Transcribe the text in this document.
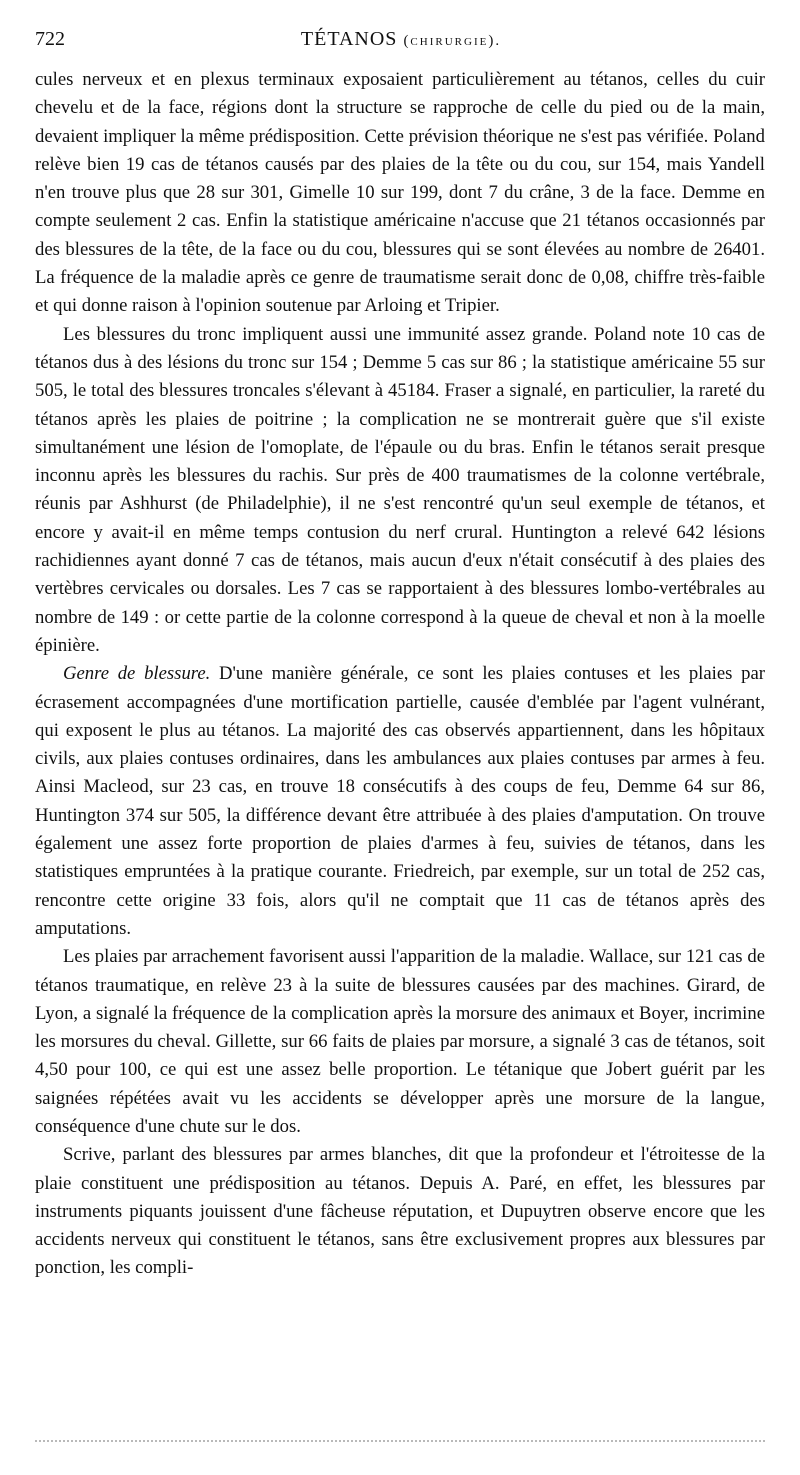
722	TÉTANOS (chirurgie).

cules nerveux et en plexus terminaux exposaient particulièrement au tétanos, celles du cuir chevelu et de la face, régions dont la structure se rapproche de celle du pied ou de la main, devaient impliquer la même prédisposition. Cette prévision théorique ne s'est pas vérifiée. Poland relève bien 19 cas de tétanos causés par des plaies de la tête ou du cou, sur 154, mais Yandell n'en trouve plus que 28 sur 301, Gimelle 10 sur 199, dont 7 du crâne, 3 de la face. Demme en compte seulement 2 cas. Enfin la statistique américaine n'accuse que 21 tétanos occasionnés par des blessures de la tête, de la face ou du cou, blessures qui se sont élevées au nombre de 26401. La fréquence de la maladie après ce genre de traumatisme serait donc de 0,08, chiffre très-faible et qui donne raison à l'opinion soutenue par Arloing et Tripier.

Les blessures du tronc impliquent aussi une immunité assez grande. Poland note 10 cas de tétanos dus à des lésions du tronc sur 154 ; Demme 5 cas sur 86 ; la statistique américaine 55 sur 505, le total des blessures troncales s'élevant à 45184. Fraser a signalé, en particulier, la rareté du tétanos après les plaies de poitrine ; la complication ne se montrerait guère que s'il existe simultanément une lésion de l'omoplate, de l'épaule ou du bras. Enfin le tétanos serait presque inconnu après les blessures du rachis. Sur près de 400 traumatismes de la colonne vertébrale, réunis par Ashhurst (de Philadelphie), il ne s'est rencontré qu'un seul exemple de tétanos, et encore y avait-il en même temps contusion du nerf crural. Huntington a relevé 642 lésions rachidiennes ayant donné 7 cas de tétanos, mais aucun d'eux n'était consécutif à des plaies des vertèbres cervicales ou dorsales. Les 7 cas se rapportaient à des blessures lombo-vertébrales au nombre de 149 : or cette partie de la colonne correspond à la queue de cheval et non à la moelle épinière.

Genre de blessure. D'une manière générale, ce sont les plaies contuses et les plaies par écrasement accompagnées d'une mortification partielle, causée d'emblée par l'agent vulnérant, qui exposent le plus au tétanos. La majorité des cas observés appartiennent, dans les hôpitaux civils, aux plaies contuses ordinaires, dans les ambulances aux plaies contuses par armes à feu. Ainsi Macleod, sur 23 cas, en trouve 18 consécutifs à des coups de feu, Demme 64 sur 86, Huntington 374 sur 505, la différence devant être attribuée à des plaies d'amputation. On trouve également une assez forte proportion de plaies d'armes à feu, suivies de tétanos, dans les statistiques empruntées à la pratique courante. Friedreich, par exemple, sur un total de 252 cas, rencontre cette origine 33 fois, alors qu'il ne comptait que 11 cas de tétanos après des amputations.

Les plaies par arrachement favorisent aussi l'apparition de la maladie. Wallace, sur 121 cas de tétanos traumatique, en relève 23 à la suite de blessures causées par des machines. Girard, de Lyon, a signalé la fréquence de la complication après la morsure des animaux et Boyer, incrimine les morsures du cheval. Gillette, sur 66 faits de plaies par morsure, a signalé 3 cas de tétanos, soit 4,50 pour 100, ce qui est une assez belle proportion. Le tétanique que Jobert guérit par les saignées répétées avait vu les accidents se développer après une morsure de la langue, conséquence d'une chute sur le dos.

Scrive, parlant des blessures par armes blanches, dit que la profondeur et l'étroitesse de la plaie constituent une prédisposition au tétanos. Depuis A. Paré, en effet, les blessures par instruments piquants jouissent d'une fâcheuse réputation, et Dupuytren observe encore que les accidents nerveux qui constituent le tétanos, sans être exclusivement propres aux blessures par ponction, les compli-
